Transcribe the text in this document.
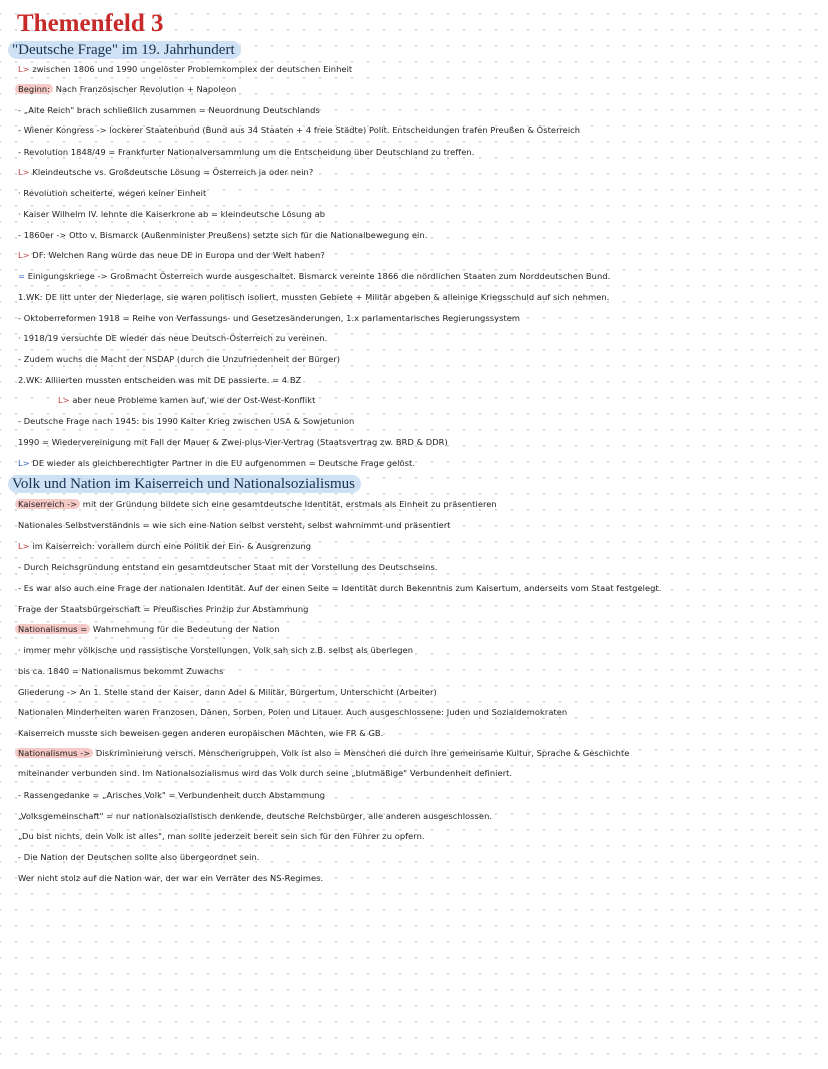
Themenfeld 3
"Deutsche Frage" im 19. Jahrhundert
L> zwischen 1806 und 1990 ungelöster Problemkomplex der deutschen Einheit
Beginn: Nach Französischer Revolution + Napoleon
- „Alte Reich" brach schließlich zusammen = Neuordnung Deutschlands
- Wiener Kongress -> lockerer Staatenbund (Bund aus 34 Staaten + 4 freie Städte) Polit. Entscheidungen trafen Preußen & Österreich
- Revolution 1848/49 = Frankfurter Nationalversammlung um die Entscheidung über Deutschland zu treffen.
L> Kleindeutsche vs. Großdeutsche Lösung = Österreich ja oder nein?
· Revolution scheiterte, wegen keiner Einheit
· Kaiser Wilhelm IV. lehnte die Kaiserkrone ab = kleindeutsche Lösung ab
- 1860er -> Otto v. Bismarck (Außenminister Preußens) setzte sich für die Nationalbewegung ein.
L> DF: Welchen Rang würde das neue DE in Europa und der Welt haben?
= Einigungskriege -> Großmacht Österreich wurde ausgeschaltet. Bismarck vereinte 1866 die nördlichen Staaten zum Norddeutschen Bund.
1.WK: DE litt unter der Niederlage, sie waren politisch isoliert, mussten Gebiete + Militär abgeben & alleinige Kriegsschuld auf sich nehmen.
- Oktoberreformen 1918 = Reihe von Verfassungs- und Gesetzesänderungen, 1.x parlamentarisches Regierungssystem
· 1918/19 versuchte DE wieder das neue Deutsch-Österreich zu vereinen.
- Zudem wuchs die Macht der NSDAP (durch die Unzufriedenheit der Bürger)
2.WK: Alliierten mussten entscheiden was mit DE passierte. = 4 BZ
L> aber neue Probleme kamen auf, wie der Ost-West-Konflikt
- Deutsche Frage nach 1945: bis 1990 Kalter Krieg zwischen USA & Sowjetunion
1990 = Wiedervereinigung mit Fall der Mauer & Zwei-plus-Vier-Vertrag (Staatsvertrag zw. BRD & DDR)
L> DE wieder als gleichberechtigter Partner in die EU aufgenommen = Deutsche Frage gelöst.
Volk und Nation im Kaiserreich und Nationalsozialismus
Kaiserreich -> mit der Gründung bildete sich eine gesamtdeutsche Identität, erstmals als Einheit zu präsentieren
Nationales Selbstverständnis = wie sich eine Nation selbst versteht, selbst wahrnimmt und präsentiert
L> im Kaiserreich: vorallem durch eine Politik der Ein- & Ausgrenzung
- Durch Reichsgründung entstand ein gesamtdeutscher Staat mit der Vorstellung des Deutschseins.
- Es war also auch eine Frage der nationalen Identität. Auf der einen Seite = Identität durch Bekenntnis zum Kaisertum, anderseits vom Staat festgelegt.
Frage der Staatsbürgerschaft = Preußisches Prinzip zur Abstammung
Nationalismus = Wahrnehmung für die Bedeutung der Nation
· immer mehr völkische und rassistische Vorstellungen, Volk sah sich z.B. selbst als überlegen
bis ca. 1840 = Nationalismus bekommt Zuwachs
Gliederung -> An 1. Stelle stand der Kaiser, dann Adel & Militär, Bürgertum, Unterschicht (Arbeiter)
Nationalen Minderheiten waren Franzosen, Dänen, Sorben, Polen und Litauer. Auch ausgeschlossene: Juden und Sozialdemokraten
Kaiserreich musste sich beweisen gegen anderen europäischen Mächten, wie FR & GB.
Nationalismus -> Diskriminierung versch. Menschengruppen, Volk ist also = Menschen die durch ihre gemeinsame Kultur, Sprache & Geschichte
miteinander verbunden sind. Im Nationalsozialismus wird das Volk durch seine „blutmäßige" Verbundenheit definiert.
- Rassengedanke = „Arisches Volk" = Verbundenheit durch Abstammung
„Volksgemeinschaft" = nur nationalsozialistisch denkende, deutsche Reichsbürger, alle anderen ausgeschlossen.
„Du bist nichts, dein Volk ist alles", man sollte jederzeit bereit sein sich für den Führer zu opfern.
- Die Nation der Deutschen sollte also übergeordnet sein.
Wer nicht stolz auf die Nation war, der war ein Verräter des NS-Regimes.
